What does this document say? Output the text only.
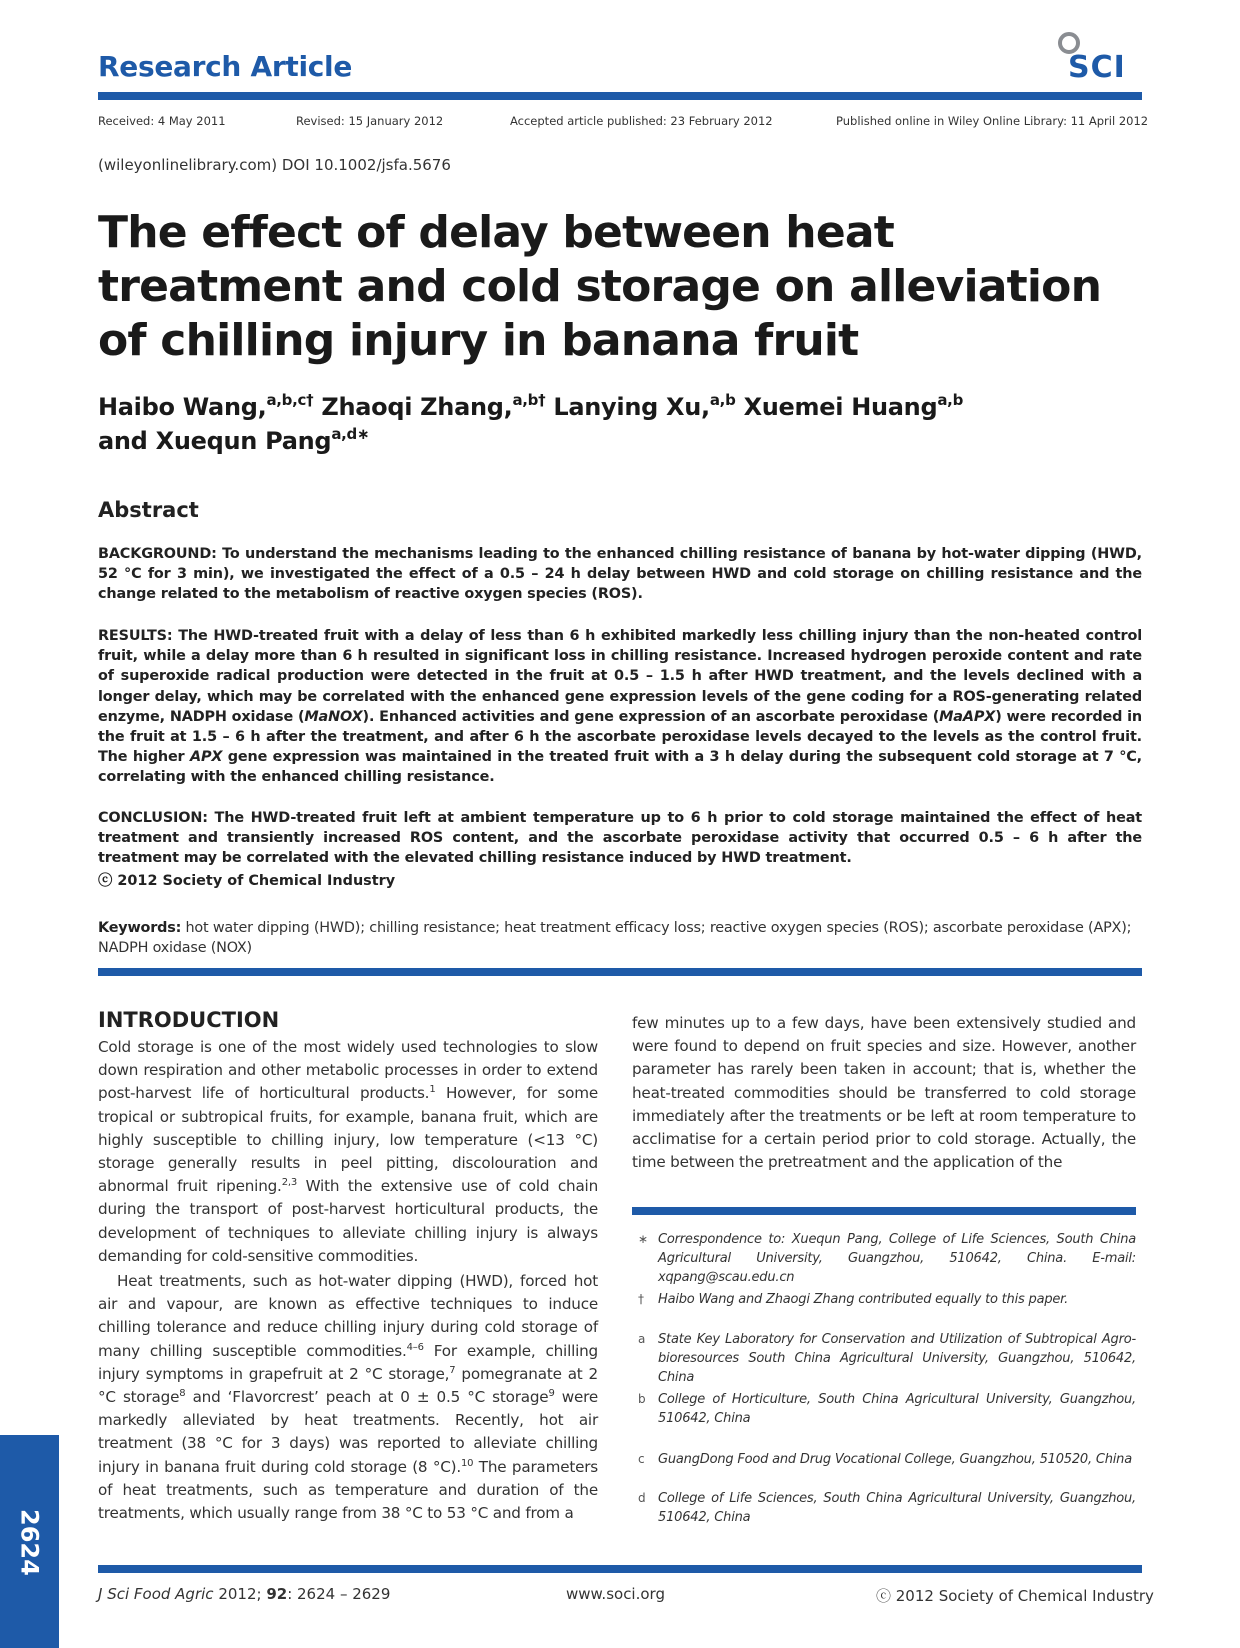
Research Article	SCI
Received: 4 May 2011	Revised: 15 January 2012	Accepted article published: 23 February 2012	Published online in Wiley Online Library: 11 April 2012
(wileyonlinelibrary.com) DOI 10.1002/jsfa.5676
The effect of delay between heat treatment and cold storage on alleviation of chilling injury in banana fruit
Haibo Wang,$^{a,b,c\dagger}$ Zhaoqi Zhang,$^{a,b\dagger}$ Lanying Xu,$^{a,b}$ Xuemei Huang$^{a,b}$
and Xuequn Pang$^{a,d∗}$
Abstract

BACKGROUND: To understand the mechanisms leading to the enhanced chilling resistance of banana by hot-water dipping (HWD, 52 °C for 3 min), we investigated the effect of a 0.5 – 24 h delay between HWD and cold storage on chilling resistance and the change related to the metabolism of reactive oxygen species (ROS).

RESULTS: The HWD-treated fruit with a delay of less than 6 h exhibited markedly less chilling injury than the non-heated control fruit, while a delay more than 6 h resulted in significant loss in chilling resistance. Increased hydrogen peroxide content and rate of superoxide radical production were detected in the fruit at 0.5 – 1.5 h after HWD treatment, and the levels declined with a longer delay, which may be correlated with the enhanced gene expression levels of the gene coding for a ROS-generating related enzyme, NADPH oxidase (MaNOX). Enhanced activities and gene expression of an ascorbate peroxidase (MaAPX) were recorded in the fruit at 1.5 – 6 h after the treatment, and after 6 h the ascorbate peroxidase levels decayed to the levels as the control fruit. The higher APX gene expression was maintained in the treated fruit with a 3 h delay during the subsequent cold storage at 7 °C, correlating with the enhanced chilling resistance.

CONCLUSION: The HWD-treated fruit left at ambient temperature up to 6 h prior to cold storage maintained the effect of heat treatment and transiently increased ROS content, and the ascorbate peroxidase activity that occurred 0.5 – 6 h after the treatment may be correlated with the elevated chilling resistance induced by HWD treatment.

ⓒ 2012 Society of Chemical Industry

Keywords: hot water dipping (HWD); chilling resistance; heat treatment efficacy loss; reactive oxygen species (ROS); ascorbate peroxidase (APX); NADPH oxidase (NOX)

INTRODUCTION

Cold storage is one of the most widely used technologies to slow down respiration and other metabolic processes in order to extend post-harvest life of horticultural products.$^1$ However, for some tropical or subtropical fruits, for example, banana fruit, which are highly susceptible to chilling injury, low temperature (<13 °C) storage generally results in peel pitting, discolouration and abnormal fruit ripening.$^{2,3}$ With the extensive use of cold chain during the transport of post-harvest horticultural products, the development of techniques to alleviate chilling injury is always demanding for cold-sensitive commodities.

Heat treatments, such as hot-water dipping (HWD), forced hot air and vapour, are known as effective techniques to induce chilling tolerance and reduce chilling injury during cold storage of many chilling susceptible commodities.$^{4-6}$ For example, chilling injury symptoms in grapefruit at 2 °C storage,$^7$ pomegranate at 2 °C storage$^8$ and ‘Flavorcrest’ peach at 0 ± 0.5 °C storage$^9$ were markedly alleviated by heat treatments. Recently, hot air treatment (38 °C for 3 days) was reported to alleviate chilling injury in banana fruit during cold storage (8 °C).$^{10}$ The parameters of heat treatments, such as temperature and duration of the treatments, which usually range from 38 °C to 53 °C and from a

few minutes up to a few days, have been extensively studied and were found to depend on fruit species and size. However, another parameter has rarely been taken in account; that is, whether the heat-treated commodities should be transferred to cold storage immediately after the treatments or be left at room temperature to acclimatise for a certain period prior to cold storage. Actually, the time between the pretreatment and the application of the

∗ Correspondence to: Xuequn Pang, College of Life Sciences, South China Agricultural University, Guangzhou, 510642, China. E-mail: xqpang@scau.edu.cn
† Haibo Wang and Zhaogi Zhang contributed equally to this paper.
a State Key Laboratory for Conservation and Utilization of Subtropical Agro-bioresources South China Agricultural University, Guangzhou, 510642, China
b College of Horticulture, South China Agricultural University, Guangzhou, 510642, China
c GuangDong Food and Drug Vocational College, Guangzhou, 510520, China
d College of Life Sciences, South China Agricultural University, Guangzhou, 510642, China
2624
J Sci Food Agric 2012; 92: 2624 – 2629	www.soci.org	ⓒ 2012 Society of Chemical Industry
